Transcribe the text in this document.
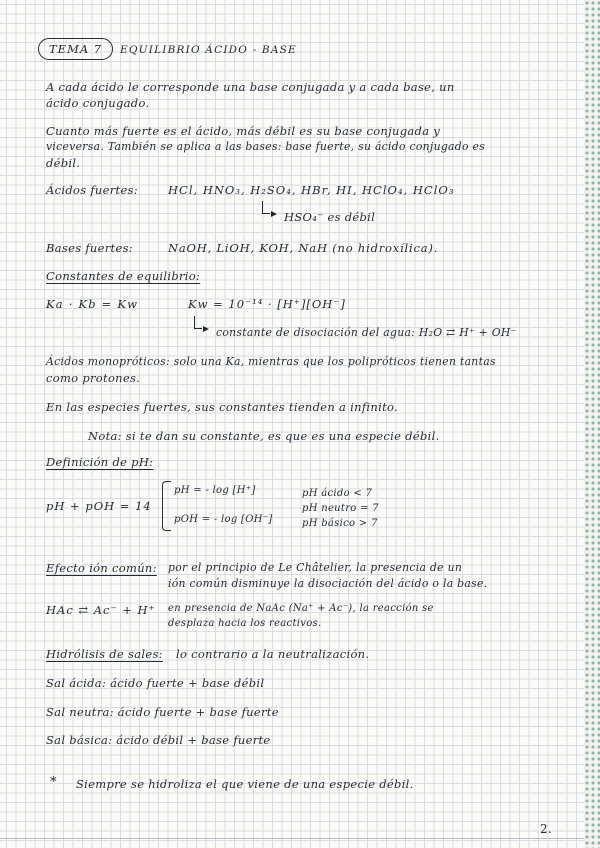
TEMA 7	EQUILIBRIO ÁCIDO - BASE
A cada ácido le corresponde una base conjugada y a cada base, un
ácido conjugado.
Cuanto más fuerte es el ácido, más débil es su base conjugada y
viceversa. También se aplica a las bases: base fuerte, su ácido conjugado es
débil.
Ácidos fuertes:	HCl, HNO₃, H₂SO₄, HBr, HI, HClO₄, HClO₃
HSO₄⁻ es débil
Bases fuertes:	NaOH, LiOH, KOH, NaH (no hidroxílica).
Constantes de equilibrio:
Ka · Kb = Kw	Kw = 10⁻¹⁴ · [H⁺][OH⁻]
constante de disociación del agua: H₂O ⇄ H⁺ + OH⁻
Ácidos monopróticos: solo una Ka, mientras que los polipróticos tienen tantas
como protones.
En las especies fuertes, sus constantes tienden a infinito.
Nota: si te dan su constante, es que es una especie débil.
Definición de pH:
pH + pOH = 14
pH = - log [H⁺]
pOH = - log [OH⁻]
pH ácido < 7
pH neutro = 7
pH básico > 7
Efecto ión común: por el principio de Le Châtelier, la presencia de un
ión común disminuye la disociación del ácido o la base.
HAc ⇄ Ac⁻ + H⁺ en presencia de NaAc (Na⁺ + Ac⁻), la reacción se
desplaza hacia los reactivos.
Hidrólisis de sales: lo contrario a la neutralización.
Sal ácida: ácido fuerte + base débil
Sal neutra: ácido fuerte + base fuerte
Sal básica: ácido débil + base fuerte
* Siempre se hidroliza el que viene de una especie débil.
2.
